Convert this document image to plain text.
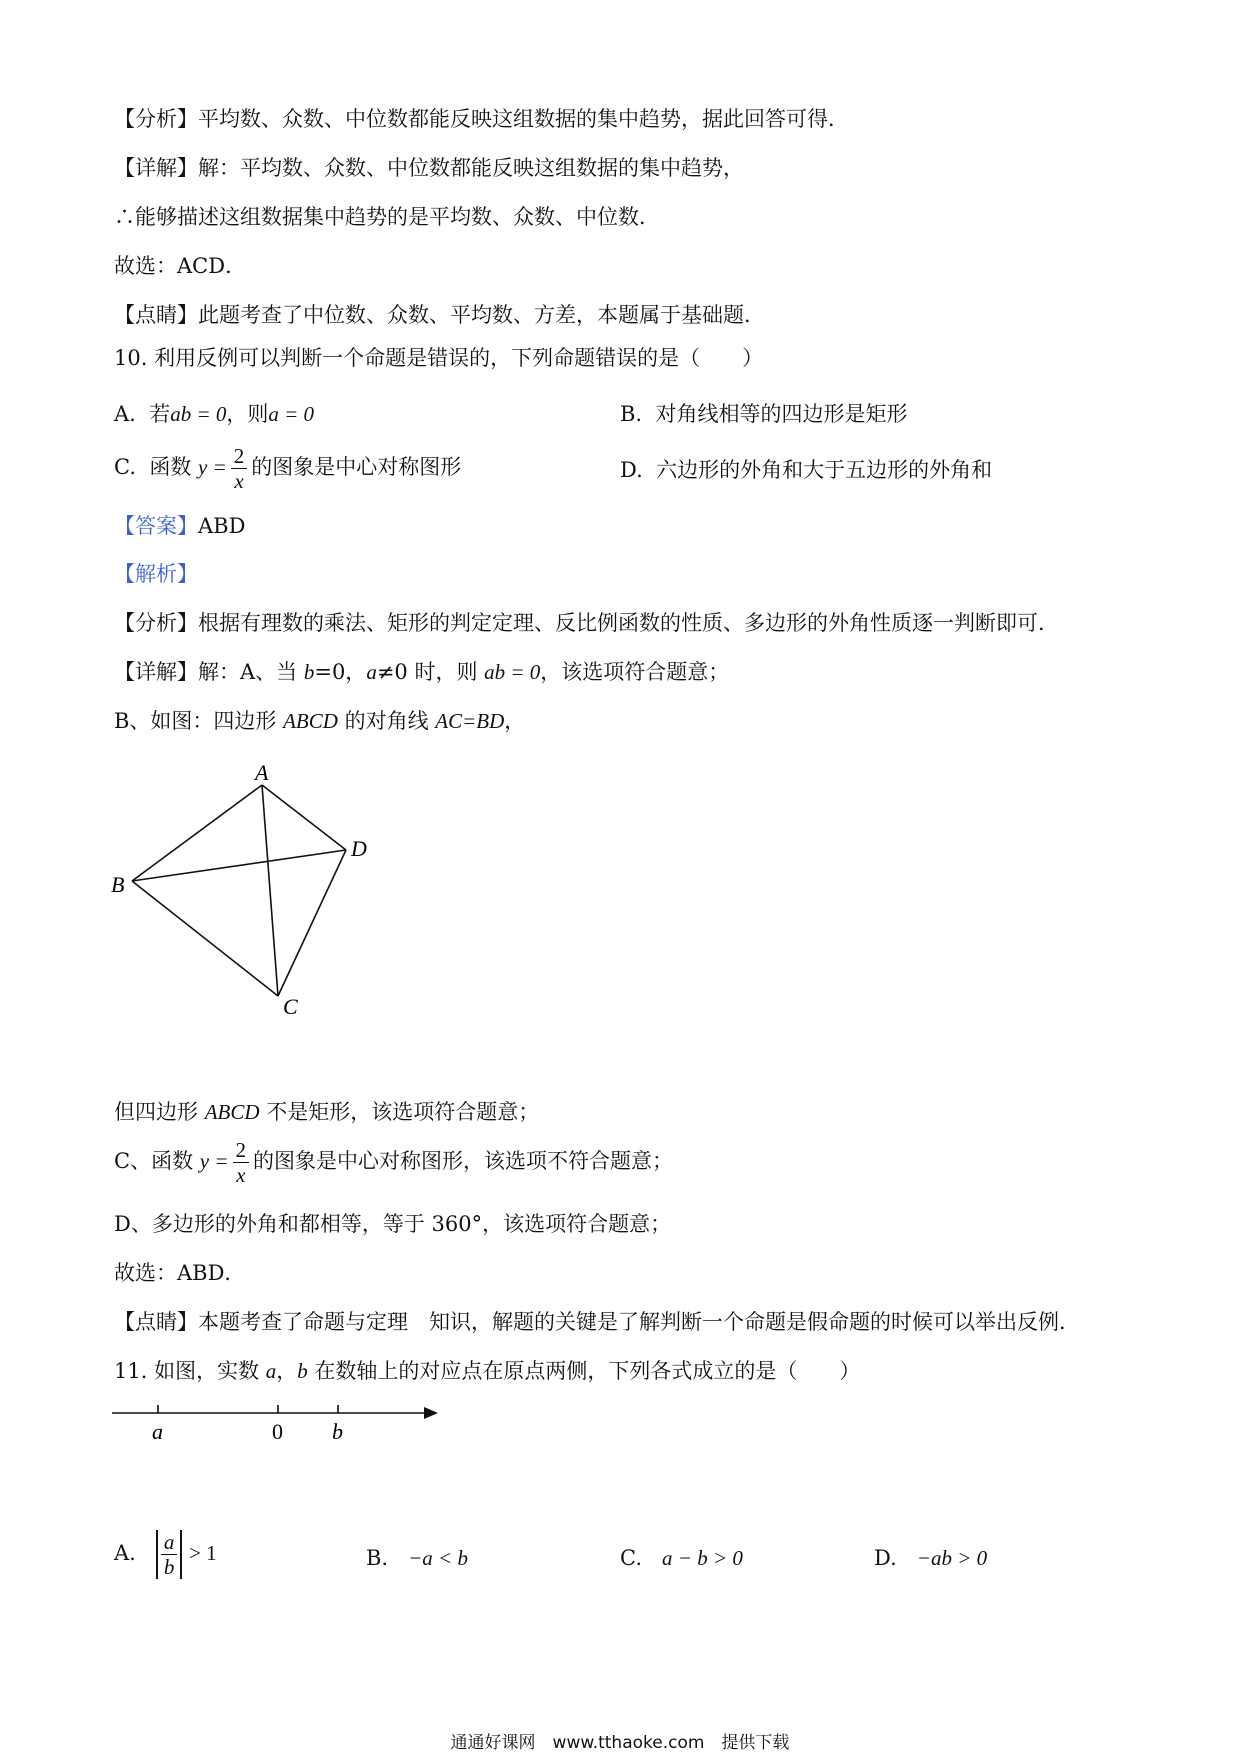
【分析】平均数、众数、中位数都能反映这组数据的集中趋势，据此回答可得．
【详解】解：平均数、众数、中位数都能反映这组数据的集中趋势，
∴能够描述这组数据集中趋势的是平均数、众数、中位数．
故选：ACD．
【点睛】此题考查了中位数、众数、平均数、方差，本题属于基础题．
10. 利用反例可以判断一个命题是错误的，下列命题错误的是（　　）
A. 若ab = 0，则a = 0	B. 对角线相等的四边形是矩形
C. 函数 $y = \frac{2}{x}$ 的图象是中心对称图形	D. 六边形的外角和大于五边形的外角和
【答案】ABD
【解析】
【分析】根据有理数的乘法、矩形的判定定理、反比例函数的性质、多边形的外角性质逐一判断即可．
【详解】解：A、当 b=0，a≠0 时，则 ab = 0，该选项符合题意；
B、如图：四边形 ABCD 的对角线 AC=BD，
A
B
C
D
但四边形 ABCD 不是矩形，该选项符合题意；
C、函数 $y = \frac{2}{x}$ 的图象是中心对称图形，该选项不符合题意；
D、多边形的外角和都相等，等于 360°，该选项符合题意；
故选：ABD．
【点睛】本题考查了命题与定理　知识，解题的关键是了解判断一个命题是假命题的时候可以举出反例．
11. 如图，实数 a，b 在数轴上的对应点在原点两侧，下列各式成立的是（　　）
a	0 b
A. $\frac{a}{b} > 1$	B. −a < b	C. a − b > 0	D. −ab > 0
通通好课网　www.tthaoke.com　提供下载
